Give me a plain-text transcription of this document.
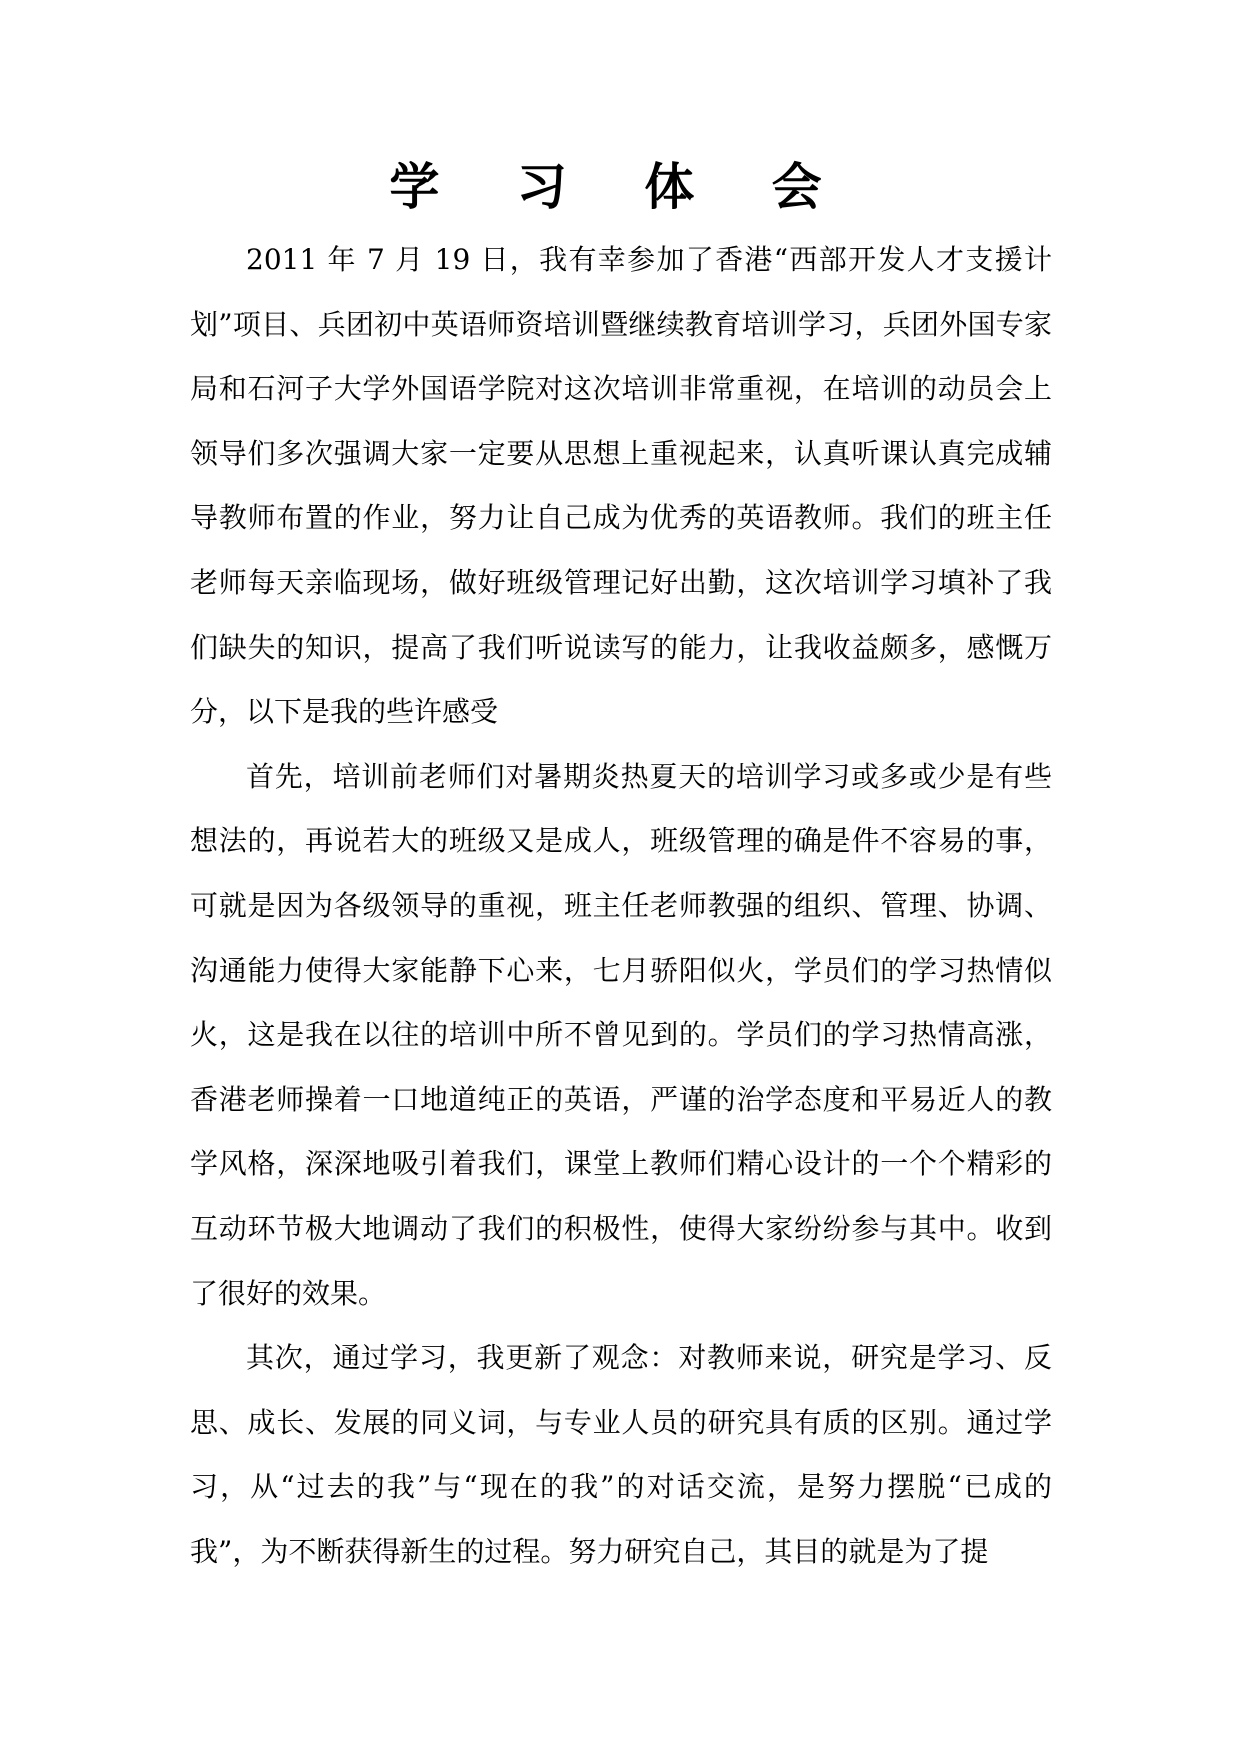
学 习 体 会

2011 年 7 月 19 日，我有幸参加了香港“西部开发人才支援计划”项目、兵团初中英语师资培训暨继续教育培训学习，兵团外国专家局和石河子大学外国语学院对这次培训非常重视，在培训的动员会上领导们多次强调大家一定要从思想上重视起来，认真听课认真完成辅导教师布置的作业，努力让自己成为优秀的英语教师。我们的班主任老师每天亲临现场，做好班级管理记好出勤，这次培训学习填补了我们缺失的知识，提高了我们听说读写的能力，让我收益颇多，感慨万分，以下是我的些许感受

首先，培训前老师们对暑期炎热夏天的培训学习或多或少是有些想法的，再说若大的班级又是成人，班级管理的确是件不容易的事，可就是因为各级领导的重视，班主任老师教强的组织、管理、协调、沟通能力使得大家能静下心来，七月骄阳似火，学员们的学习热情似火，这是我在以往的培训中所不曾见到的。学员们的学习热情高涨，香港老师操着一口地道纯正的英语，严谨的治学态度和平易近人的教学风格，深深地吸引着我们，课堂上教师们精心设计的一个个精彩的互动环节极大地调动了我们的积极性，使得大家纷纷参与其中。收到了很好的效果。

其次，通过学习，我更新了观念：对教师来说，研究是学习、反思、成长、发展的同义词，与专业人员的研究具有质的区别。通过学习，从“过去的我”与“现在的我”的对话交流，是努力摆脱“已成的我”，为不断获得新生的过程。努力研究自己，其目的就是为了提
